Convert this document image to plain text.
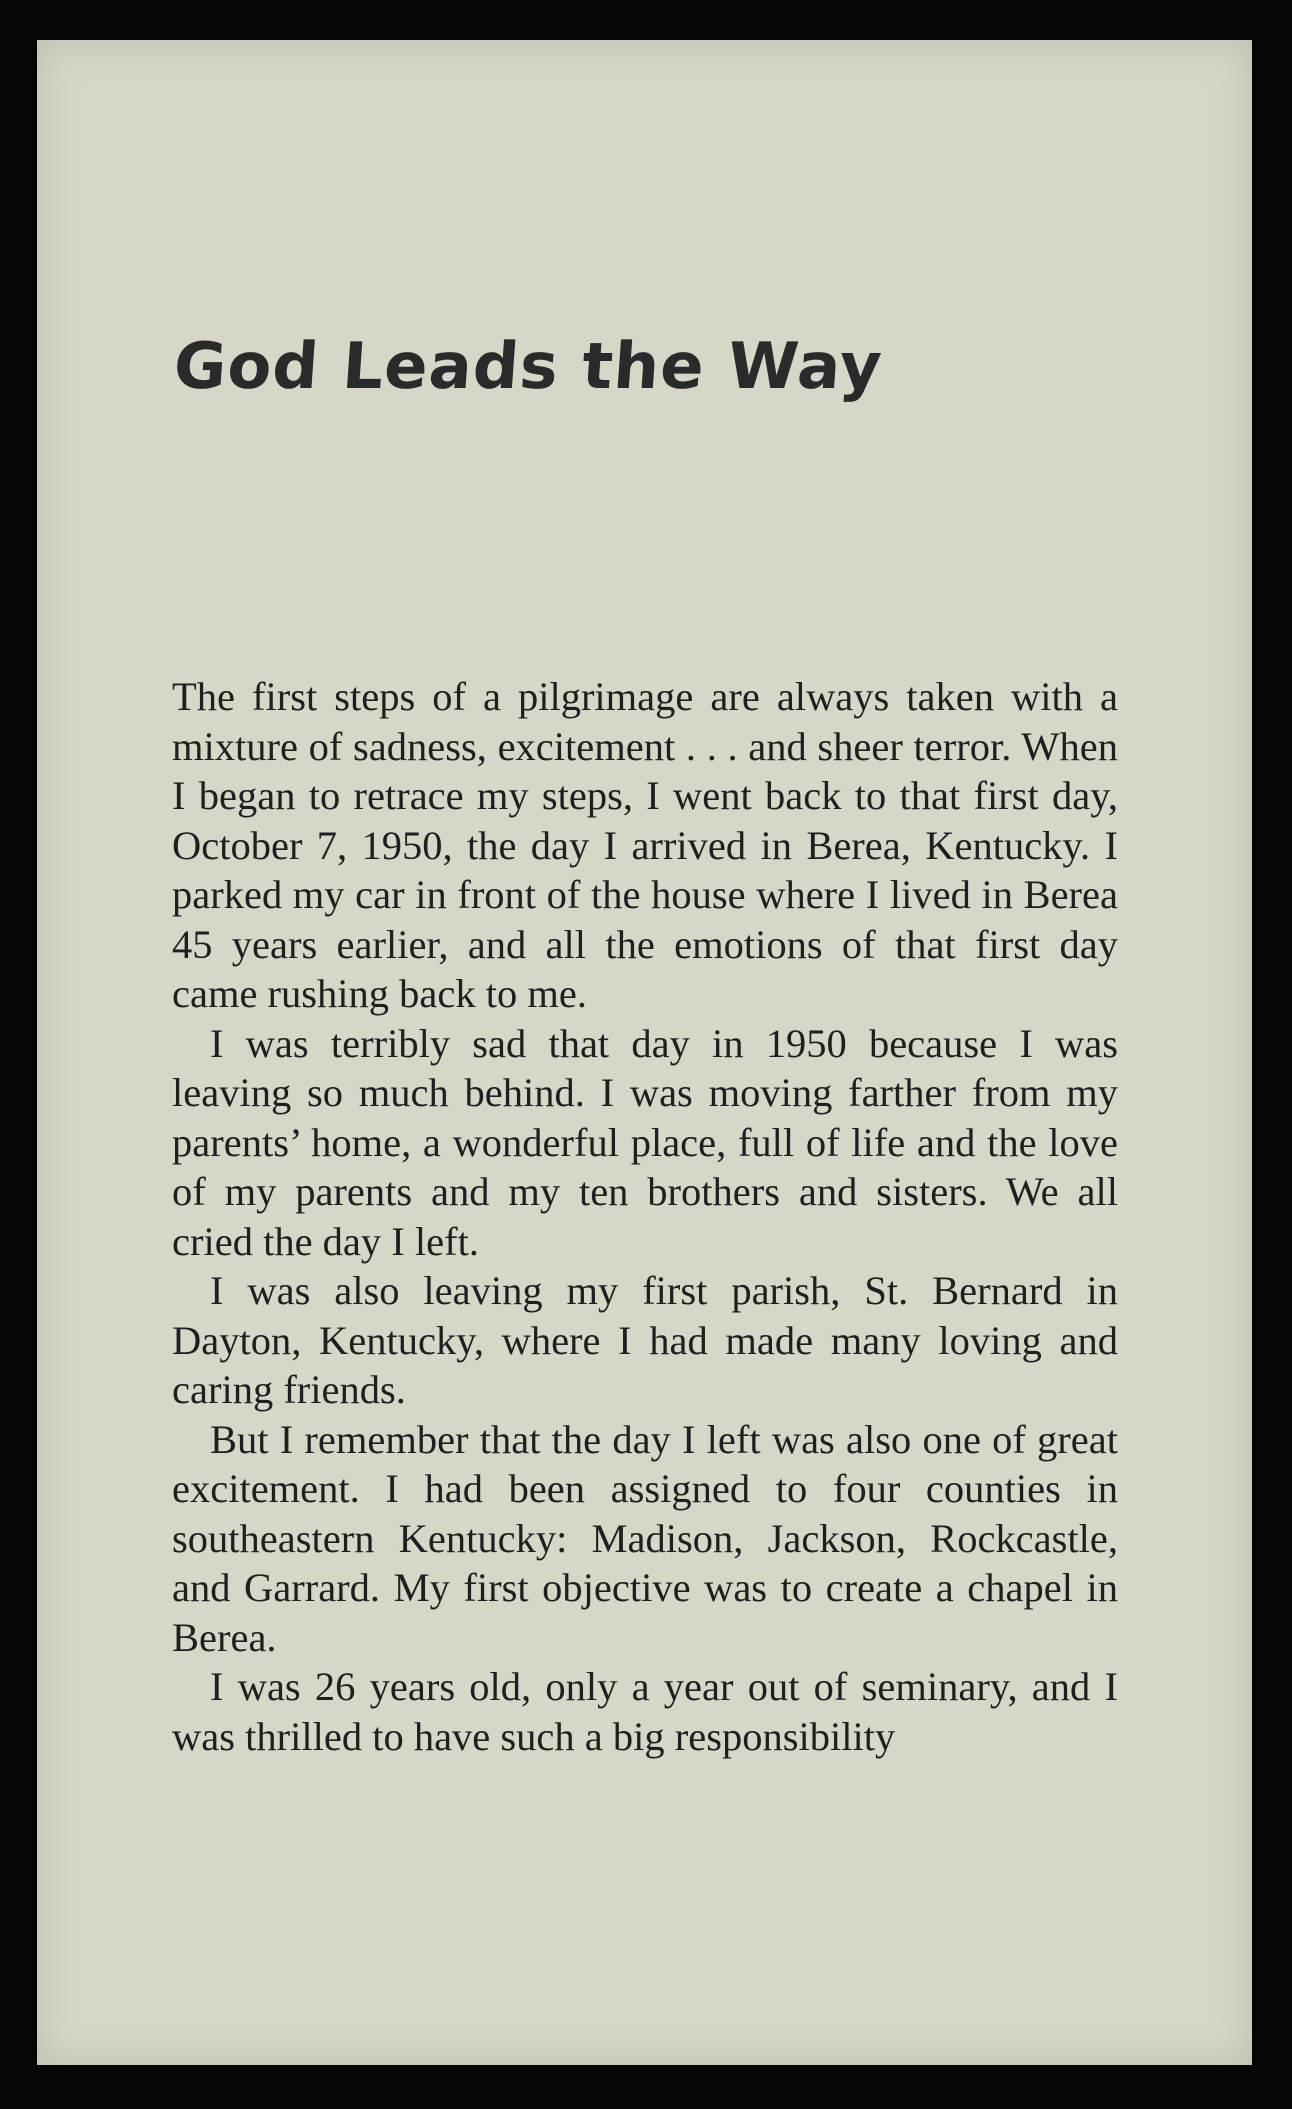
God Leads the Way

The first steps of a pilgrimage are always taken with a mixture of sadness, excitement . . . and sheer terror. When I began to retrace my steps, I went back to that first day, October 7, 1950, the day I arrived in Berea, Kentucky. I parked my car in front of the house where I lived in Berea 45 years earlier, and all the emotions of that first day came rushing back to me.

I was terribly sad that day in 1950 because I was leaving so much behind. I was moving farther from my parents’ home, a wonderful place, full of life and the love of my parents and my ten brothers and sisters. We all cried the day I left.

I was also leaving my first parish, St. Bernard in Dayton, Kentucky, where I had made many loving and caring friends.

But I remember that the day I left was also one of great excitement. I had been assigned to four counties in southeastern Kentucky: Madison, Jackson, Rockcastle, and Garrard. My first objective was to create a chapel in Berea.

I was 26 years old, only a year out of seminary, and I was thrilled to have such a big responsibility
